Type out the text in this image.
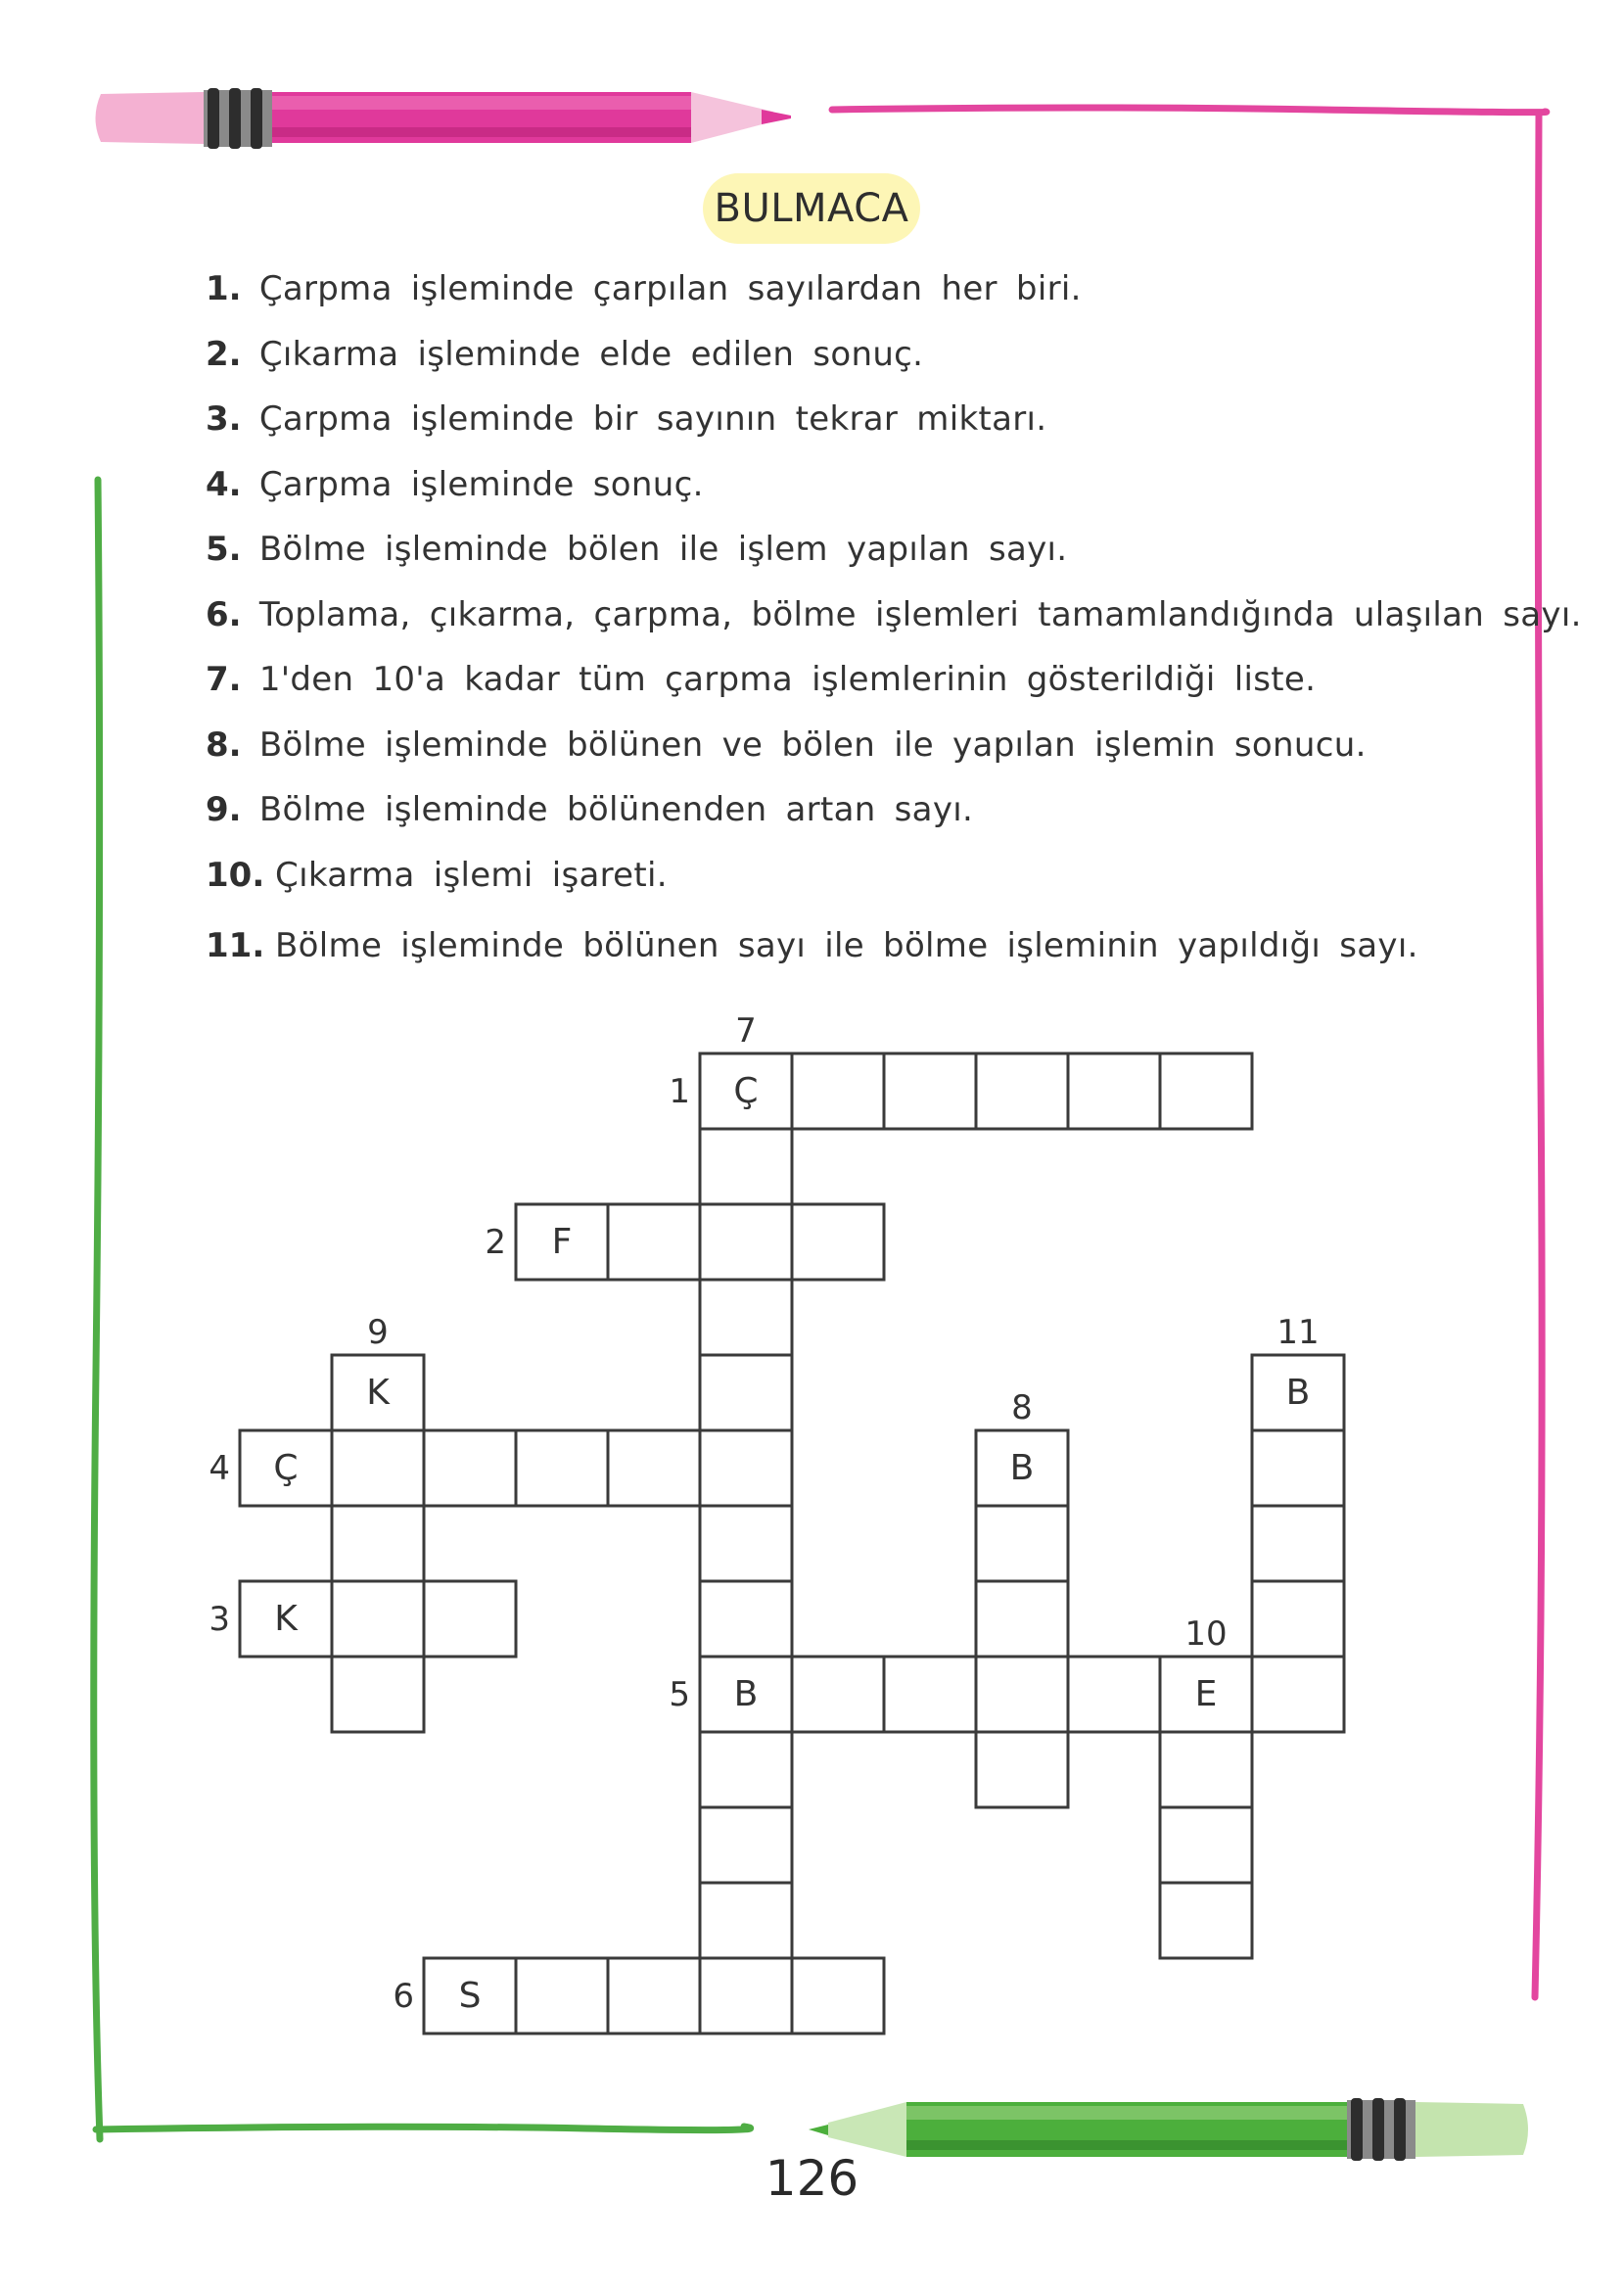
BULMACA
1. Çarpma işleminde çarpılan sayılardan her biri.
2. Çıkarma işleminde elde edilen sonuç.
3. Çarpma işleminde bir sayının tekrar miktarı.
4. Çarpma işleminde sonuç.
5. Bölme işleminde bölen ile işlem yapılan sayı.
6. Toplama, çıkarma, çarpma, bölme işlemleri tamamlandığında ulaşılan sayı.
7. 1'den 10'a kadar tüm çarpma işlemlerinin gösterildiği liste.
8. Bölme işleminde bölünen ve bölen ile yapılan işlemin sonucu.
9. Bölme işleminde bölünenden artan sayı.
10. Çıkarma işlemi işareti.
11. Bölme işleminde bölünen sayı ile bölme işleminin yapıldığı sayı.
Ç
1
F
2
Ç
4
K
3
B
5
S
6
7
K
9
B
8	B
11
E
10
126
